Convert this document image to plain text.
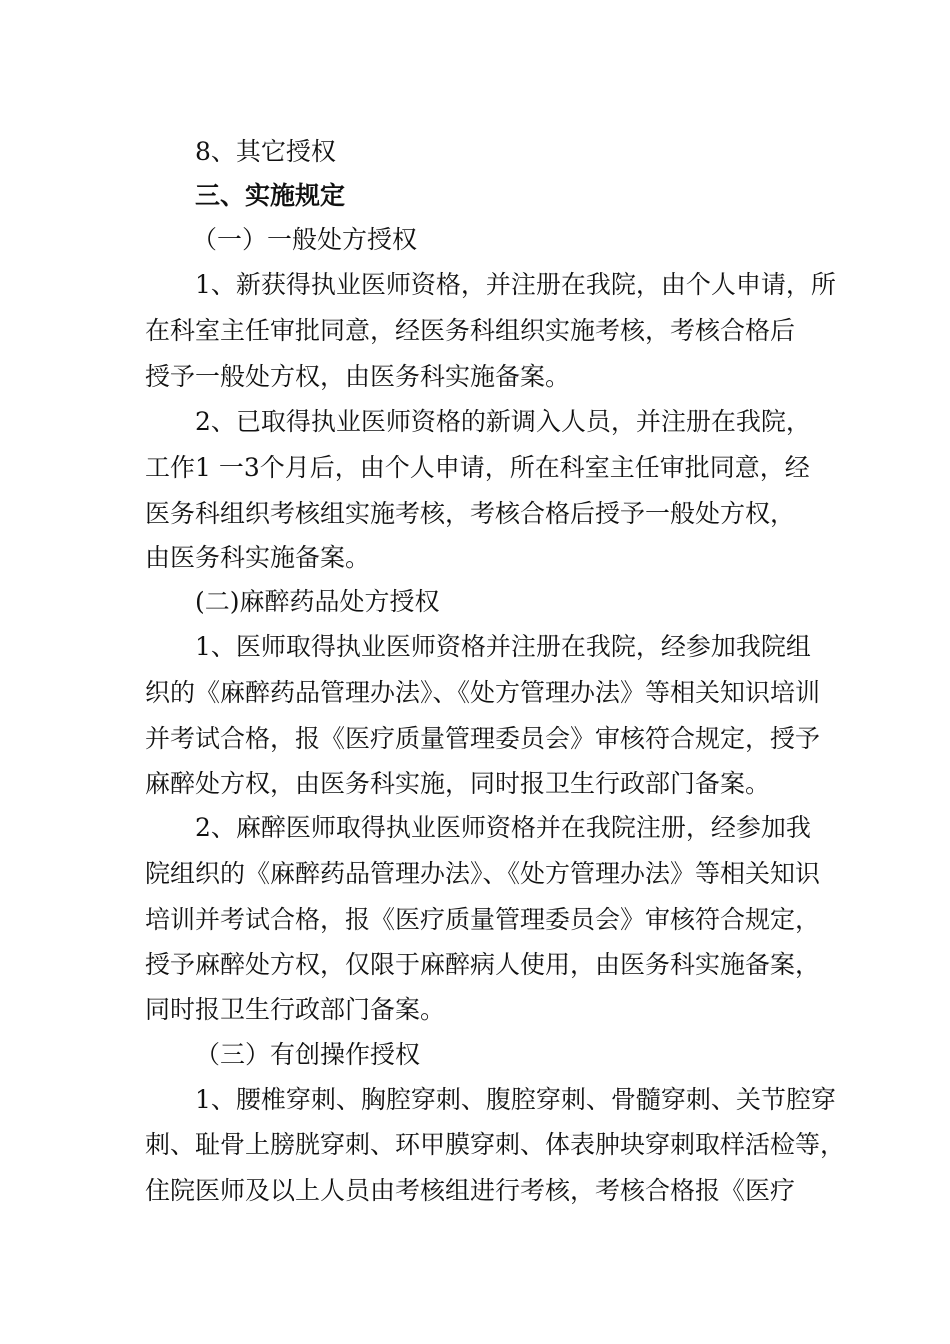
8、其它授权

三、实施规定

（一）一般处方授权

1、新获得执业医师资格，并注册在我院，由个人申请，所

在科室主任审批同意，经医务科组织实施考核，考核合格后

授予一般处方权，由医务科实施备案。

2、已取得执业医师资格的新调入人员，并注册在我院，

工作1 一3个月后，由个人申请，所在科室主任审批同意，经

医务科组织考核组实施考核，考核合格后授予一般处方权，

由医务科实施备案。

(二)麻醉药品处方授权

1、医师取得执业医师资格并注册在我院，经参加我院组

织的《麻醉药品管理办法》、《处方管理办法》等相关知识培训

并考试合格，报《医疗质量管理委员会》审核符合规定，授予

麻醉处方权，由医务科实施，同时报卫生行政部门备案。

2、麻醉医师取得执业医师资格并在我院注册，经参加我

院组织的《麻醉药品管理办法》、《处方管理办法》等相关知识

培训并考试合格，报《医疗质量管理委员会》审核符合规定，

授予麻醉处方权，仅限于麻醉病人使用，由医务科实施备案，

同时报卫生行政部门备案。

（三）有创操作授权

1、腰椎穿刺、胸腔穿刺、腹腔穿刺、骨髓穿刺、关节腔穿

刺、耻骨上膀胱穿刺、环甲膜穿刺、体表肿块穿刺取样活检等，

住院医师及以上人员由考核组进行考核，考核合格报《医疗
